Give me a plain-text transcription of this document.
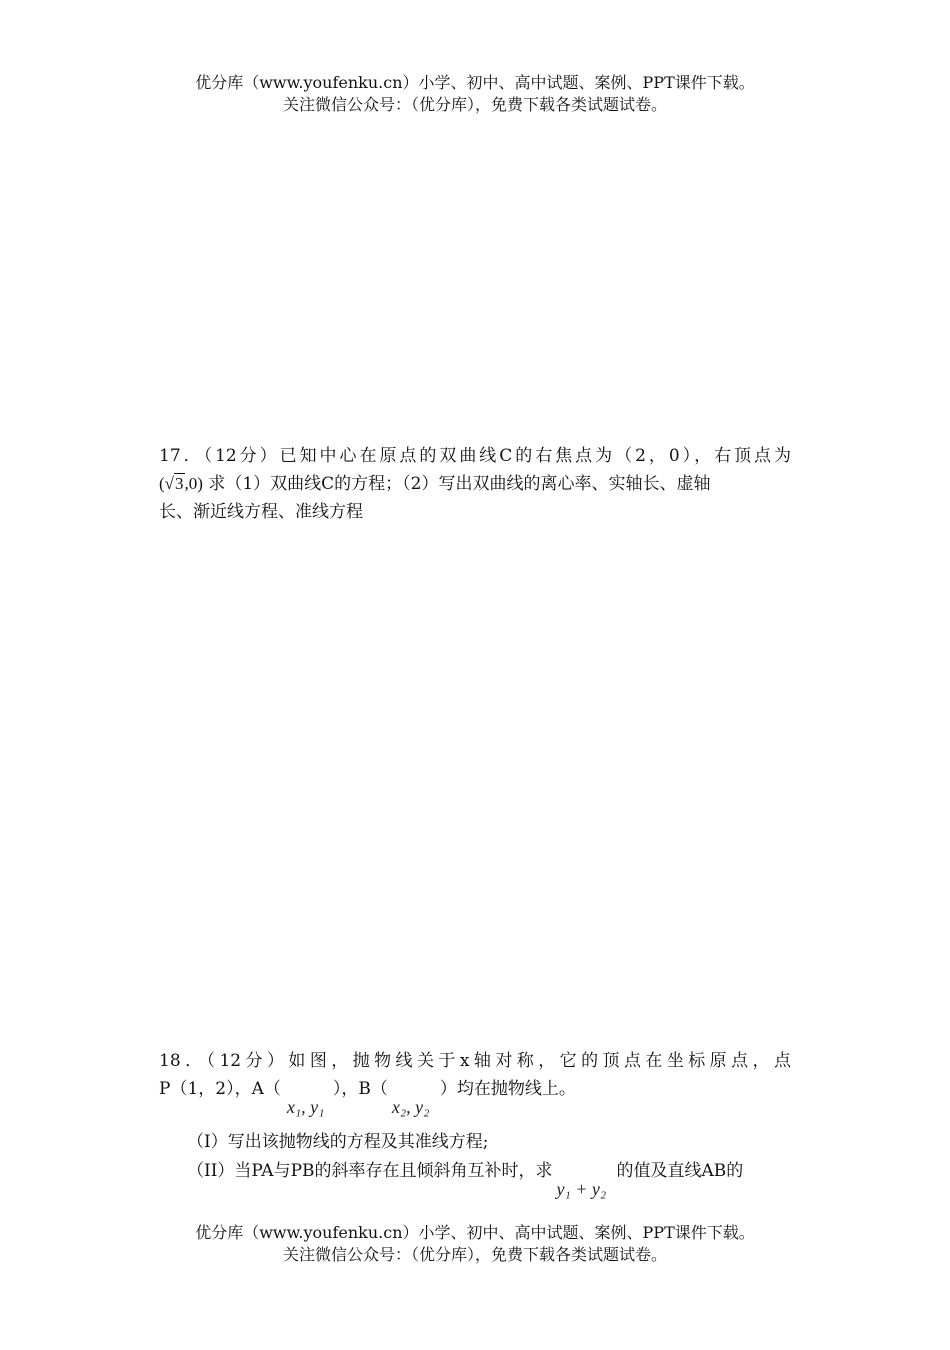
优分库（www.youfenku.cn）小学、初中、高中试题、案例、PPT课件下载。
关注微信公众号：（优分库），免费下载各类试题试卷。
17．（12分）已知中心在原点的双曲线C的右焦点为（2，0），右顶点为
(√3,0) 求（1）双曲线C的方程；（2）写出双曲线的离心率、实轴长、虚轴
长、渐近线方程、准线方程
18．（12分）如图，抛物线关于x轴对称，它的顶点在坐标原点，点
P（1，2），A（
x₁, y₁
），B（
x₂, y₂
）均在抛物线上。
（I）写出该抛物线的方程及其准线方程;
（II）当PA与PB的斜率存在且倾斜角互补时，求
y₁ + y₂
的值及直线AB的
优分库（www.youfenku.cn）小学、初中、高中试题、案例、PPT课件下载。
关注微信公众号：（优分库），免费下载各类试题试卷。
